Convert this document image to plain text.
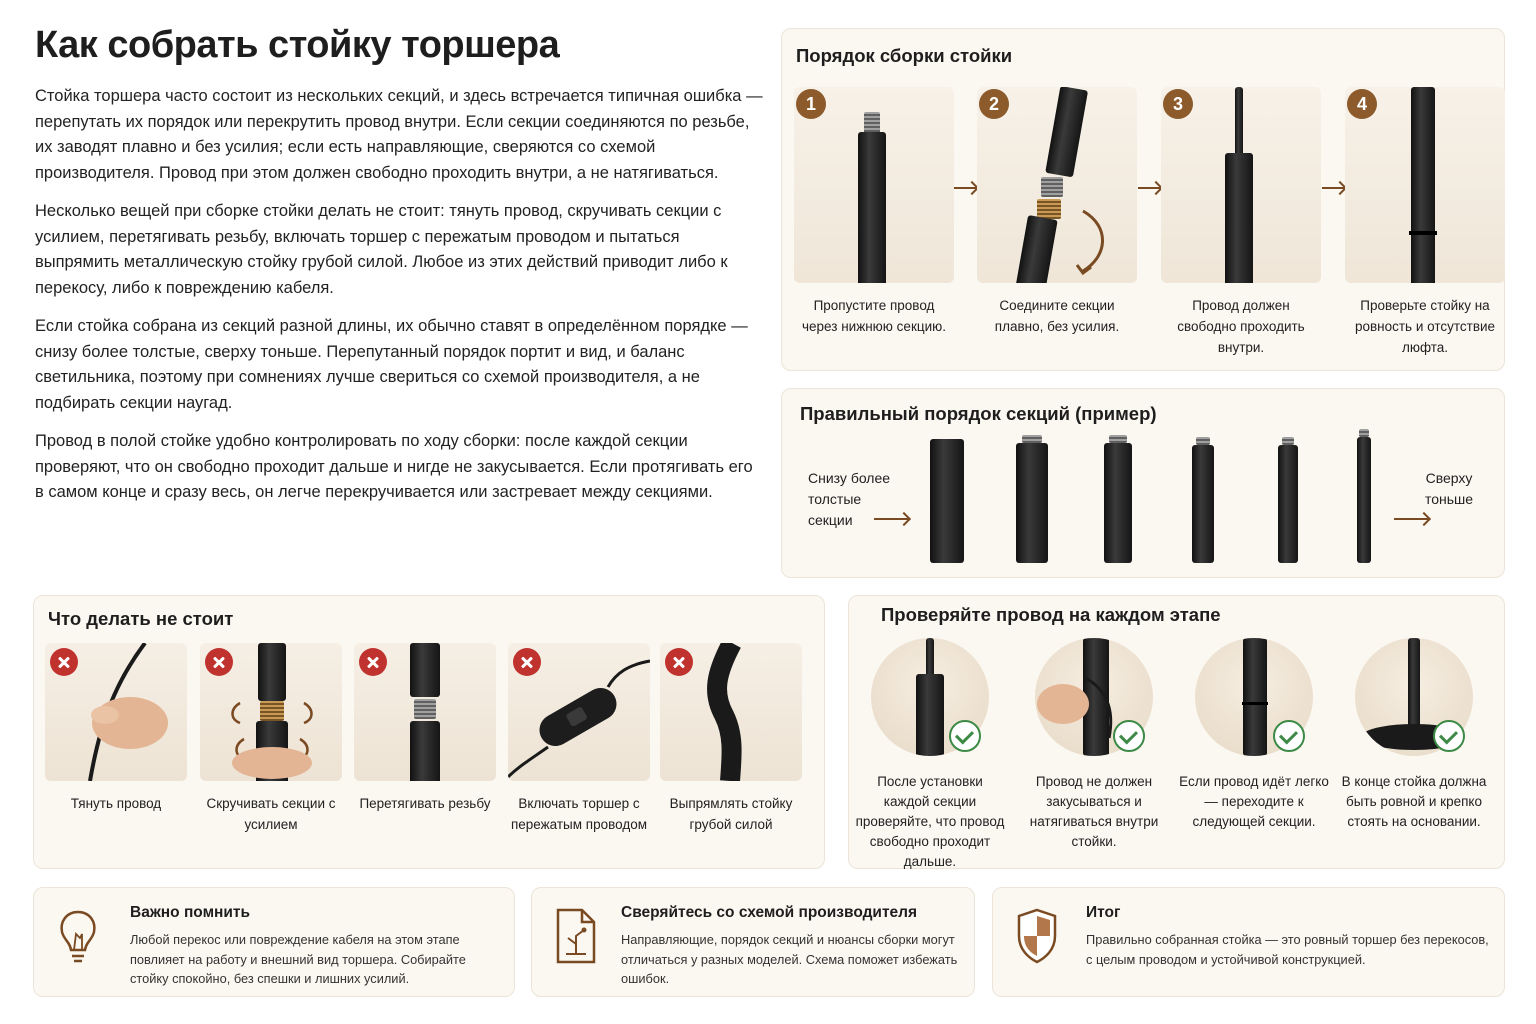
Как собрать стойку торшера

Стойка торшера часто состоит из нескольких секций, и здесь встречается типичная ошибка — перепутать их порядок или перекрутить провод внутри. Если секции соединяются по резьбе, их заводят плавно и без усилия; если есть направляющие, сверяются со схемой производителя. Провод при этом должен свободно проходить внутри, а не натягиваться.

Несколько вещей при сборке стойки делать не стоит: тянуть провод, скручивать секции с усилием, перетягивать резьбу, включать торшер с пережатым проводом и пытаться выпрямить металлическую стойку грубой силой. Любое из этих действий приводит либо к перекосу, либо к повреждению кабеля.

Если стойка собрана из секций разной длины, их обычно ставят в определённом порядке — снизу более толстые, сверху тоньше. Перепутанный порядок портит и вид, и баланс светильника, поэтому при сомнениях лучше свериться со схемой производителя, а не подбирать секции наугад.

Провод в полой стойке удобно контролировать по ходу сборки: после каждой секции проверяют, что он свободно проходит дальше и нигде не закусывается. Если протягивать его в самом конце и сразу весь, он легче перекручивается или застревает между секциями.

Порядок сборки стойки
1
Пропустите провод через нижнюю секцию.
2
Соедините секции плавно, без усилия.
3
Провод должен свободно проходить внутри.
4
Проверьте стойку на ровность и отсутствие люфта.
Правильный порядок секций (пример)
Снизу более толстые секции
Сверху тоньше
Что делать не стоит
Тянуть провод	Скручивать секции с усилием
Перетягивать резьбу	Включать торшер с пережатым проводом
Выпрямлять стойку грубой силой
Проверяйте провод на каждом этапе
После установки каждой секции проверяйте, что провод свободно проходит дальше.
Провод не должен закусываться и натягиваться внутри стойки.
Если провод идёт легко — переходите к следующей секции.
В конце стойка должна быть ровной и крепко стоять на основании.
Важно помнить

Любой перекос или повреждение кабеля на этом этапе повлияет на работу и внешний вид торшера. Собирайте стойку спокойно, без спешки и лишних усилий.

Сверяйтесь со схемой производителя

Направляющие, порядок секций и нюансы сборки могут отличаться у разных моделей. Схема поможет избежать ошибок.

Итог

Правильно собранная стойка — это ровный торшер без перекосов, с целым проводом и устойчивой конструкцией.
